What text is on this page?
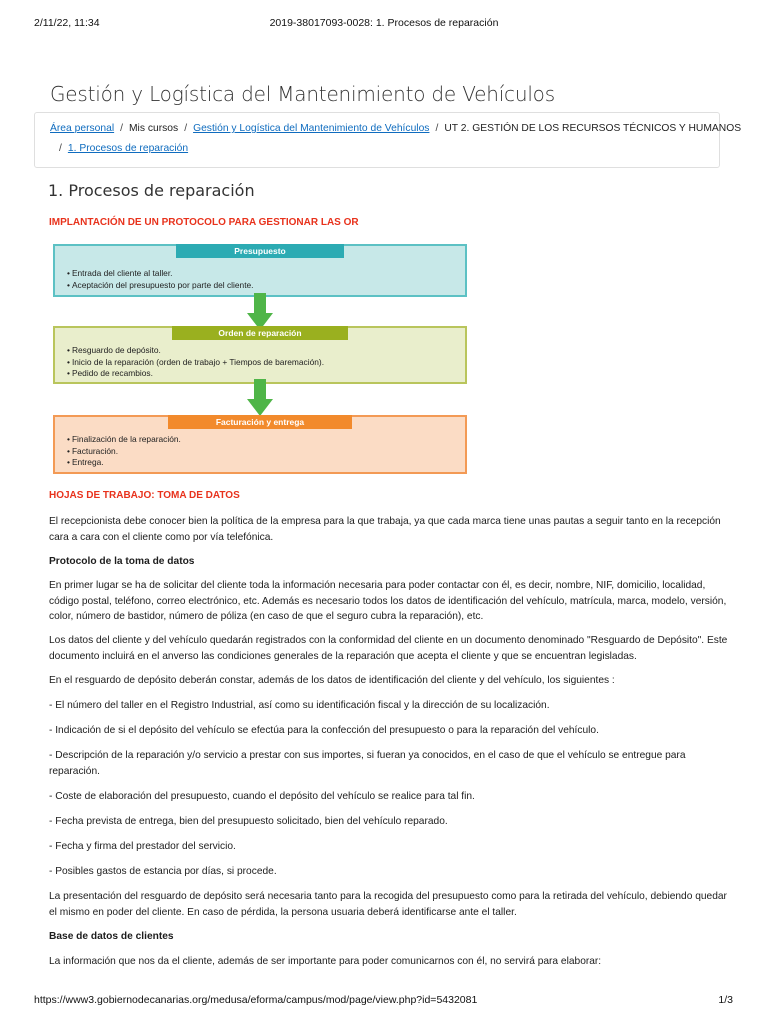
2/11/22, 11:34	2019-38017093-0028: 1. Procesos de reparación
Gestión y Logística del Mantenimiento de Vehículos
Área personal / Mis cursos / Gestión y Logística del Mantenimiento de Vehículos / UT 2. GESTIÓN DE LOS RECURSOS TÉCNICOS Y HUMANOS
/ 1. Procesos de reparación
1. Procesos de reparación
IMPLANTACIÓN DE UN PROTOCOLO PARA GESTIONAR LAS OR
Presupuesto
• Entrada del cliente al taller.
• Aceptación del presupuesto por parte del cliente.
Orden de reparación
• Resguardo de depósito.
• Inicio de la reparación (orden de trabajo + Tiempos de baremación).
• Pedido de recambios.
Facturación y entrega
• Finalización de la reparación.
• Facturación.
• Entrega.
HOJAS DE TRABAJO: TOMA DE DATOS

El recepcionista debe conocer bien la política de la empresa para la que trabaja, ya que cada marca tiene unas pautas a seguir tanto en la recepción cara a cara con el cliente como por vía telefónica.

Protocolo de la toma de datos

En primer lugar se ha de solicitar del cliente toda la información necesaria para poder contactar con él, es decir, nombre, NIF, domicilio, localidad, código postal, teléfono, correo electrónico, etc. Además es necesario todos los datos de identificación del vehículo, matrícula, marca, modelo, versión, color, número de bastidor, número de póliza (en caso de que el seguro cubra la reparación), etc.

Los datos del cliente y del vehículo quedarán registrados con la conformidad del cliente en un documento denominado "Resguardo de Depósito". Este documento incluirá en el anverso las condiciones generales de la reparación que acepta el cliente y que se encuentran legisladas.

En el resguardo de depósito deberán constar, además de los datos de identificación del cliente y del vehículo, los siguientes :

- El número del taller en el Registro Industrial, así como su identificación fiscal y la dirección de su localización.

- Indicación de si el depósito del vehículo se efectúa para la confección del presupuesto o para la reparación del vehículo.

- Descripción de la reparación y/o servicio a prestar con sus importes, si fueran ya conocidos, en el caso de que el vehículo se entregue para reparación.

- Coste de elaboración del presupuesto, cuando el depósito del vehículo se realice para tal fin.

- Fecha prevista de entrega, bien del presupuesto solicitado, bien del vehículo reparado.

- Fecha y firma del prestador del servicio.

- Posibles gastos de estancia por días, si procede.

La presentación del resguardo de depósito será necesaria tanto para la recogida del presupuesto como para la retirada del vehículo, debiendo quedar el mismo en poder del cliente. En caso de pérdida, la persona usuaria deberá identificarse ante el taller.

Base de datos de clientes

La información que nos da el cliente, además de ser importante para poder comunicarnos con él, no servirá para elaborar:

https://www3.gobiernodecanarias.org/medusa/eforma/campus/mod/page/view.php?id=5432081	1/3
